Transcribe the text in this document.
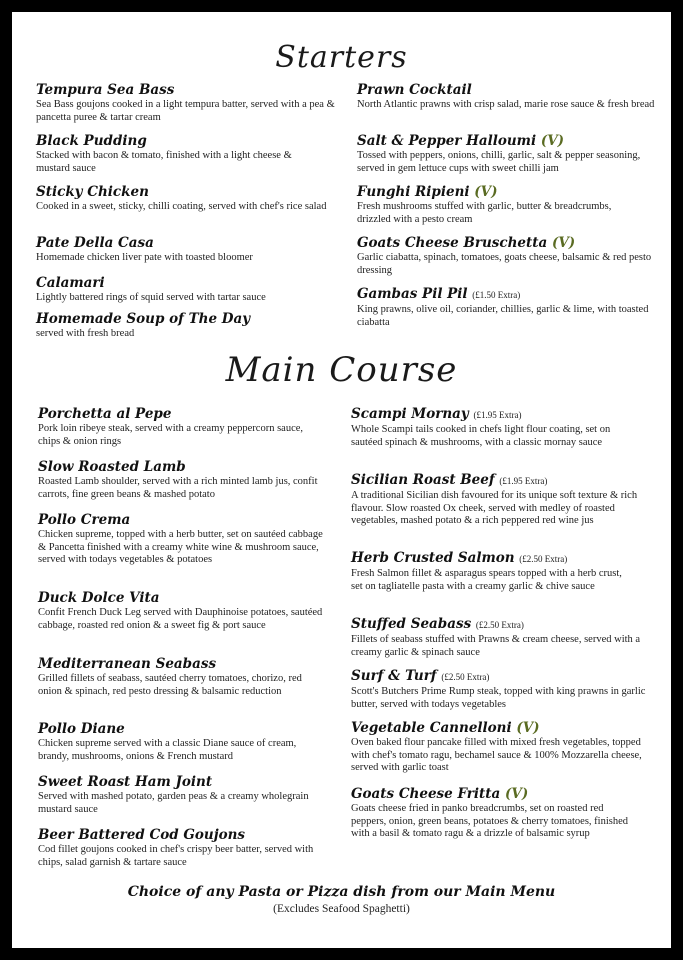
Starters
Tempura Sea Bass
Sea Bass goujons cooked in a light tempura batter, served with a pea & pancetta puree & tartar cream
Black Pudding
Stacked with bacon & tomato, finished with a light cheese & mustard sauce
Sticky Chicken
Cooked in a sweet, sticky, chilli coating, served with chef's rice salad
Pate Della Casa
Homemade chicken liver pate with toasted bloomer
Calamari
Lightly battered rings of squid served with tartar sauce
Homemade Soup of The Day
served with fresh bread
Prawn Cocktail
North Atlantic prawns with crisp salad, marie rose sauce & fresh bread
Salt & Pepper Halloumi (V)
Tossed with peppers, onions, chilli, garlic, salt & pepper seasoning, served in gem lettuce cups with sweet chilli jam
Funghi Ripieni (V)
Fresh mushrooms stuffed with garlic, butter & breadcrumbs, drizzled with a pesto cream
Goats Cheese Bruschetta (V)
Garlic ciabatta, spinach, tomatoes, goats cheese, balsamic & red pesto dressing
Gambas Pil Pil (£1.50 Extra)
King prawns, olive oil, coriander, chillies, garlic & lime, with toasted ciabatta
Main Course
Porchetta al Pepe
Pork loin ribeye steak, served with a creamy peppercorn sauce, chips & onion rings
Slow Roasted Lamb
Roasted Lamb shoulder, served with a rich minted lamb jus, confit carrots, fine green beans & mashed potato
Pollo Crema
Chicken supreme, topped with a herb butter, set on sautéed cabbage & Pancetta finished with a creamy white wine & mushroom sauce, served with todays vegetables & potatoes
Duck Dolce Vita
Confit French Duck Leg served with Dauphinoise potatoes, sautéed cabbage, roasted red onion & a sweet fig & port sauce
Mediterranean Seabass
Grilled fillets of seabass, sautéed cherry tomatoes, chorizo, red onion & spinach, red pesto dressing & balsamic reduction
Pollo Diane
Chicken supreme served with a classic Diane sauce of cream, brandy, mushrooms, onions & French mustard
Sweet Roast Ham Joint
Served with mashed potato, garden peas & a creamy wholegrain mustard sauce
Beer Battered Cod Goujons
Cod fillet goujons cooked in chef's crispy beer batter, served with chips, salad garnish & tartare sauce
Scampi Mornay (£1.95 Extra)
Whole Scampi tails cooked in chefs light flour coating, set on sautéed spinach & mushrooms, with a classic mornay sauce
Sicilian Roast Beef (£1.95 Extra)
A traditional Sicilian dish favoured for its unique soft texture & rich flavour. Slow roasted Ox cheek, served with medley of roasted vegetables, mashed potato & a rich peppered red wine jus
Herb Crusted Salmon (£2.50 Extra)
Fresh Salmon fillet & asparagus spears topped with a herb crust, set on tagliatelle pasta with a creamy garlic & chive sauce
Stuffed Seabass (£2.50 Extra)
Fillets of seabass stuffed with Prawns & cream cheese, served with a creamy garlic & spinach sauce
Surf & Turf (£2.50 Extra)
Scott's Butchers Prime Rump steak, topped with king prawns in garlic butter, served with todays vegetables
Vegetable Cannelloni (V)
Oven baked flour pancake filled with mixed fresh vegetables, topped with chef's tomato ragu, bechamel sauce & 100% Mozzarella cheese, served with garlic toast
Goats Cheese Fritta (V)
Goats cheese fried in panko breadcrumbs, set on roasted red peppers, onion, green beans, potatoes & cherry tomatoes, finished with a basil & tomato ragu & a drizzle of balsamic syrup
Choice of any Pasta or Pizza dish from our Main Menu
(Excludes Seafood Spaghetti)
